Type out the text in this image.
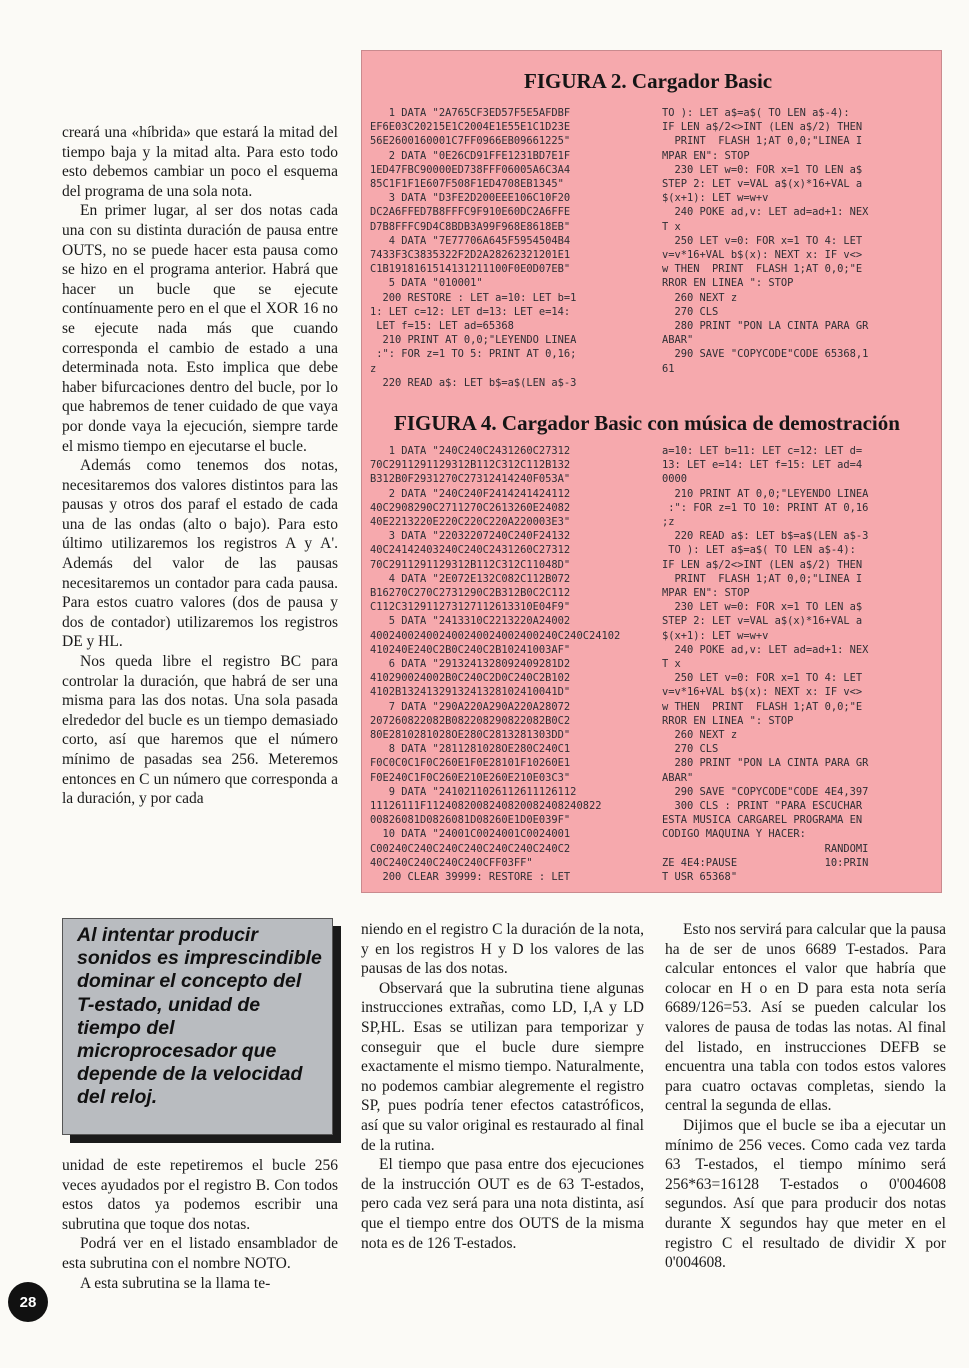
creará una «híbrida» que estará la mitad del tiempo baja y la mitad alta. Para esto todo esto debemos cambiar un poco el esquema del programa de una sola nota.

En primer lugar, al ser dos notas cada una con su distinta duración de pausa entre OUTS, no se puede hacer esta pausa como se hizo en el programa anterior. Habrá que hacer un bucle que se ejecute contínuamente pero en el que el XOR 16 no se ejecute nada más que cuando corresponda el cambio de estado a una determinada nota. Esto implica que debe haber bifurcaciones dentro del bucle, por lo que habremos de tener cuidado de que vaya por donde vaya la ejecución, siempre tarde el mismo tiempo en ejecutarse el bucle.

Además como tenemos dos notas, necesitaremos dos valores distintos para las pausas y otros dos paraf el estado de cada una de las ondas (alto o bajo). Para esto último utilizaremos los registros A y A'. Además del valor de las pausas necesitaremos un contador para cada pausa. Para estos cuatro valores (dos de pausa y dos de contador) utilizaremos los registros DE y HL.

Nos queda libre el registro BC para controlar la duración, que habrá de ser una misma para las dos notas. Una sola pasada elrededor del bucle es un tiempo demasiado corto, así que haremos que el número mínimo de pasadas sea 256. Meteremos entonces en C un número que corresponda a la duración, y por cada

Al intentar producir sonidos es imprescindible dominar el concepto del T-estado, unidad de tiempo del microprocesador que depende de la velocidad del reloj.

unidad de este repetiremos el bucle 256 veces ayudados por el registro B. Con todos estos datos ya podemos escribir una subrutina que toque dos notas.

Podrá ver en el listado ensamblador de esta subrutina con el nombre NOTO.

A esta subrutina se la llama te-

28
FIGURA 2. Cargador Basic
1 DATA "2A765CF3ED57F5E5AFDBF
EF6E03C20215E1C2004E1E55E1C1D23E
56E2600160001C7FF0966EB09661225"
2 DATA "0E26CD91FFE1231BD7E1F
1ED47FBC90000ED738FFF06005A6C3A4
85C1F1F1E607F508F1ED4708EB1345"
3 DATA "D3FE2D200EEE106C10F20
DC2A6FFED7B8FFFC9F910E60DC2A6FFE
D7B8FFFC9D4C8BDB3A99F968E8618EB"
4 DATA "7E77706A645F5954504B4
7433F3C3835322F2D2A28262321201E1
C1B1918161514131211100F0E0D07EB"
5 DATA "010001"
200 RESTORE : LET a=10: LET b=1
1: LET c=12: LET d=13: LET e=14:
LET f=15: LET ad=65368
210 PRINT AT 0,0;"LEYENDO LINEA
:": FOR z=1 TO 5: PRINT AT 0,16;
z
220 READ a$: LET b$=a$(LEN a$-3
TO ): LET a$=a$( TO LEN a$-4):
IF LEN a$/2<>INT (LEN a$/2) THEN
PRINT  FLASH 1;AT 0,0;"LINEA I
MPAR EN": STOP
230 LET w=0: FOR x=1 TO LEN a$
STEP 2: LET v=VAL a$(x)*16+VAL a
$(x+1): LET w=w+v
240 POKE ad,v: LET ad=ad+1: NEX
T x
250 LET v=0: FOR x=1 TO 4: LET
v=v*16+VAL b$(x): NEXT x: IF v<>
w THEN  PRINT  FLASH 1;AT 0,0;"E
RROR EN LINEA ": STOP
260 NEXT z
270 CLS
280 PRINT "PON LA CINTA PARA GR
ABAR"
290 SAVE "COPYCODE"CODE 65368,1
61
FIGURA 4. Cargador Basic con música de demostración
1 DATA "240C240C2431260C27312
70C2911291129312B112C312C112B132
B312B0F2931270C27312414240F053A"
2 DATA "240C240F2414241424112
40C2908290C2711270C2613260E24082
40E2213220E220C220C220A220003E3"
3 DATA "22032207240C240F24132
40C24142403240C240C2431260C27312
70C2911291129312B112C312C11048D"
4 DATA "2E072E132C082C112B072
B16270C270C2731290C2B312B0C2C112
C112C312911273127112613310E04F9"
5 DATA "2413310C2213220A24002
400240024002400240024002400240C240C24102
410240E240C2B0C240C2B10241003AF"
6 DATA "2913241328092409281D2
410290024002B0C240C2D0C240C2B102
4102B1324132913241328102410041D"
7 DATA "290A220A290A220A28072
207260822082B082208290822082B0C2
80E2810281028OE280C2813281303DD"
8 DATA "2811281028OE280C240C1
F0C0C0C1F0C260E1F0E28101F10260E1
F0E240C1F0C260E210E260E210E03C3"
9 DATA "2410211026112611126112
11126111F1124082008240820082408240822
00826081D0826081D08260E1D0E039F"
10 DATA "24001C0024001C0024001
C00240C240C240C240C240C240C240C2
40C240C240C240C240CFF03FF"
200 CLEAR 39999: RESTORE : LET
a=10: LET b=11: LET c=12: LET d=
13: LET e=14: LET f=15: LET ad=4
0000
210 PRINT AT 0,0;"LEYENDO LINEA
:": FOR z=1 TO 10: PRINT AT 0,16
;z
220 READ a$: LET b$=a$(LEN a$-3
TO ): LET a$=a$( TO LEN a$-4):
IF LEN a$/2<>INT (LEN a$/2) THEN
PRINT  FLASH 1;AT 0,0;"LINEA I
MPAR EN": STOP
230 LET w=0: FOR x=1 TO LEN a$
STEP 2: LET v=VAL a$(x)*16+VAL a
$(x+1): LET w=w+v
240 POKE ad,v: LET ad=ad+1: NEX
T x
250 LET v=0: FOR x=1 TO 4: LET
v=v*16+VAL b$(x): NEXT x: IF v<>
w THEN  PRINT  FLASH 1;AT 0,0;"E
RROR EN LINEA ": STOP
260 NEXT z
270 CLS
280 PRINT "PON LA CINTA PARA GR
ABAR"
290 SAVE "COPYCODE"CODE 4E4,397
300 CLS : PRINT "PARA ESCUCHAR
ESTA MUSICA CARGAREL PROGRAMA EN
CODIGO MAQUINA Y HACER:
RANDOMI
ZE 4E4:PAUSE              10:PRIN
T USR 65368"

niendo en el registro C la duración de la nota, y en los registros H y D los valores de las pausas de las dos notas.

Observará que la subrutina tiene algunas instrucciones extrañas, como LD, I,A y LD SP,HL. Esas se utilizan para temporizar y conseguir que el bucle dure siempre exactamente el mismo tiempo. Naturalmente, no podemos cambiar alegremente el registro SP, pues podría tener efectos catastróficos, así que su valor original es restaurado al final de la rutina.

El tiempo que pasa entre dos ejecuciones de la instrucción OUT es de 63 T-estados, pero cada vez será para una nota distinta, así que el tiempo entre dos OUTS de la misma nota es de 126 T-estados.

Esto nos servirá para calcular que la pausa ha de ser de unos 6689 T-estados. Para calcular entonces el valor que habría que colocar en H o en D para esta nota sería 6689/126=53. Así se pueden calcular los valores de pausa de todas las notas. Al final del listado, en instrucciones DEFB se encuentra una tabla con todos estos valores para cuatro octavas completas, siendo la central la segunda de ellas.

Dijimos que el bucle se iba a ejecutar un mínimo de 256 veces. Como cada vez tarda 63 T-estados, el tiempo mínimo será 256*63=16128 T-estados o 0'004608 segundos. Así que para producir dos notas durante X segundos hay que meter en el registro C el resultado de dividir X por 0'004608.
